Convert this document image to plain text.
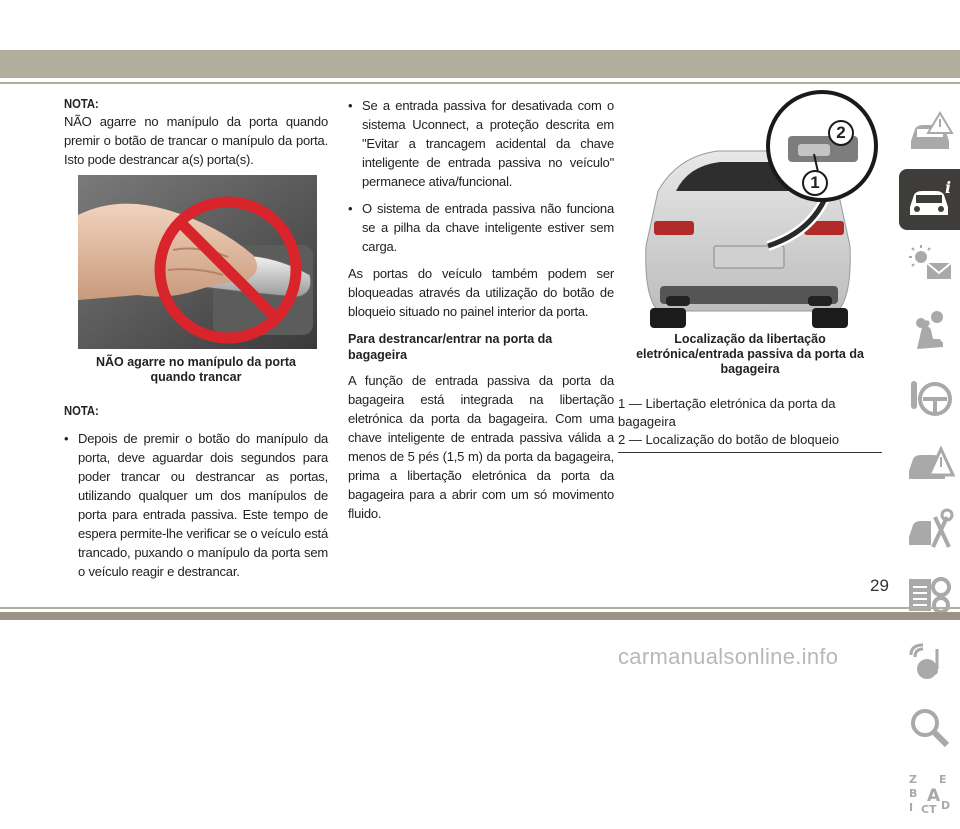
NOTA:

NÃO agarre no manípulo da porta quando premir o botão de trancar o manípulo da porta. Isto pode destrancar a(s) porta(s).

NÃO agarre no manípulo da porta
quando trancar
NOTA:
• Depois de premir o botão do manípulo da porta, deve aguardar dois segundos para poder trancar ou destrancar as portas, utilizando qualquer um dos manípulos de porta para entrada passiva. Este tempo de espera permite-lhe verificar se o veículo está trancado, puxando o manípulo da porta sem o veículo reagir e destrancar.
• Se a entrada passiva for desativada com o sistema Uconnect, a proteção descrita em "Evitar a trancagem acidental da chave inteligente de entrada passiva no veículo" permanece ativa/funcional.
• O sistema de entrada passiva não funciona se a pilha da chave inteligente estiver sem carga.

As portas do veículo também podem ser bloqueadas através da utilização do botão de bloqueio situado no painel interior da porta.

Para destrancar/entrar na porta da bagageira

A função de entrada passiva da porta da bagageira está integrada na libertação eletrónica da porta da bagageira. Com uma chave inteligente de entrada passiva válida a menos de 5 pés (1,5 m) da porta da bagageira, prima a libertação eletrónica da porta da bagageira para a abrir com um só movimento fluido.

2
1
Localização da libertação
eletrónica/entrada passiva da porta da
bagageira
1 — Libertação eletrónica da porta da
bagageira
2 — Localização do botão de bloqueio
i
Z E
B A
I C T D
29
carmanualsonline.info
